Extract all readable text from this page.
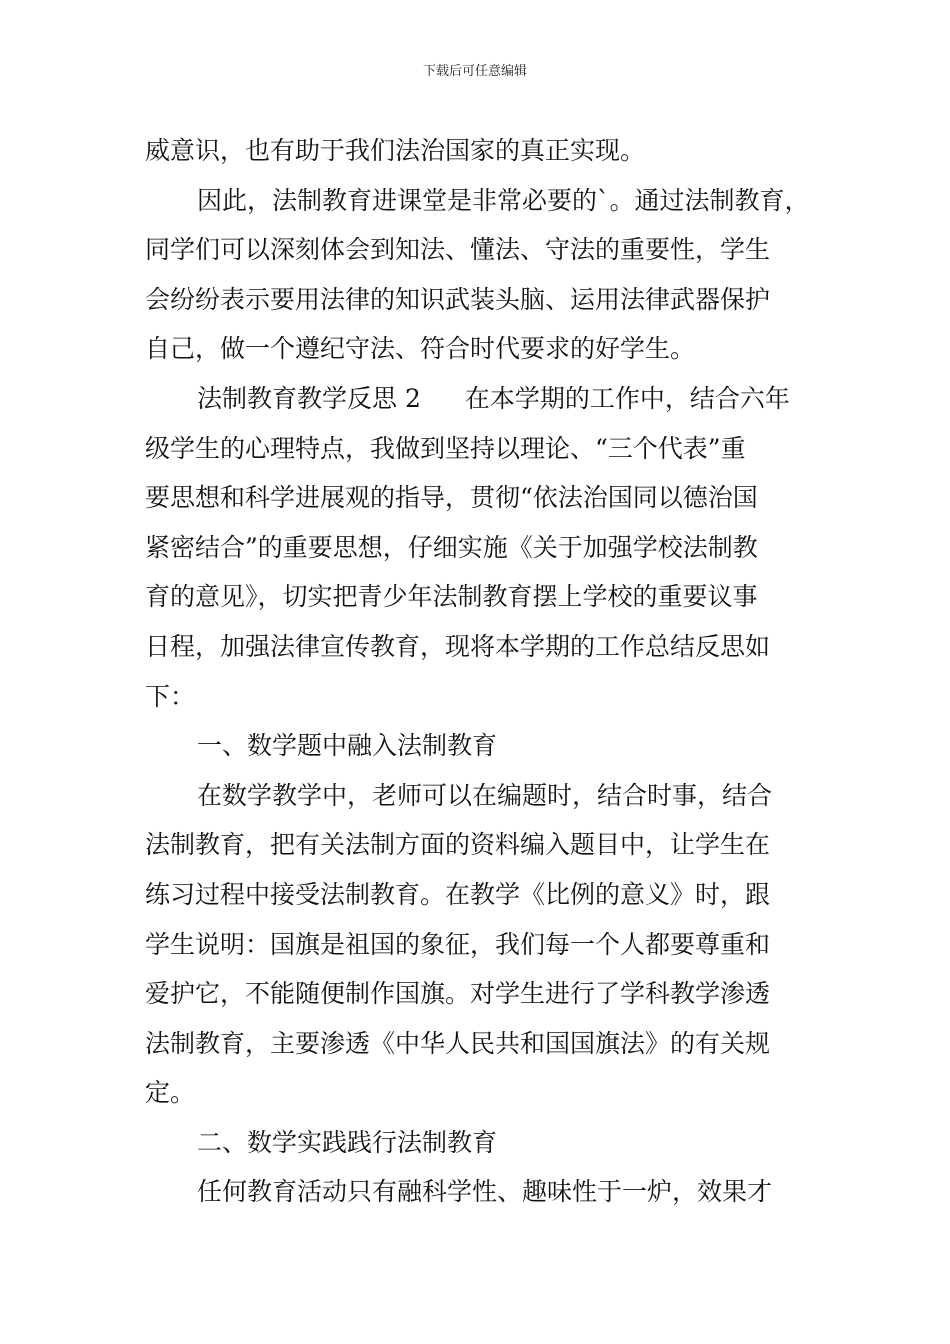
下载后可任意编辑
威意识，也有助于我们法治国家的真正实现。
因此，法制教育进课堂是非常必要的`。通过法制教育，
同学们可以深刻体会到知法、懂法、守法的重要性，学生
会纷纷表示要用法律的知识武装头脑、运用法律武器保护
自己，做一个遵纪守法、符合时代要求的好学生。
法制教育教学反思 2 在本学期的工作中，结合六年
级学生的心理特点，我做到坚持以理论、“三个代表”重
要思想和科学进展观的指导，贯彻“依法治国同以德治国
紧密结合”的重要思想，仔细实施《关于加强学校法制教
育的意见》，切实把青少年法制教育摆上学校的重要议事
日程，加强法律宣传教育，现将本学期的工作总结反思如
下：
一、数学题中融入法制教育
在数学教学中，老师可以在编题时，结合时事，结合
法制教育，把有关法制方面的资料编入题目中，让学生在
练习过程中接受法制教育。在教学《比例的意义》时，跟
学生说明：国旗是祖国的象征，我们每一个人都要尊重和
爱护它，不能随便制作国旗。对学生进行了学科教学渗透
法制教育，主要渗透《中华人民共和国国旗法》的有关规
定。
二、数学实践践行法制教育
任何教育活动只有融科学性、趣味性于一炉，效果才
